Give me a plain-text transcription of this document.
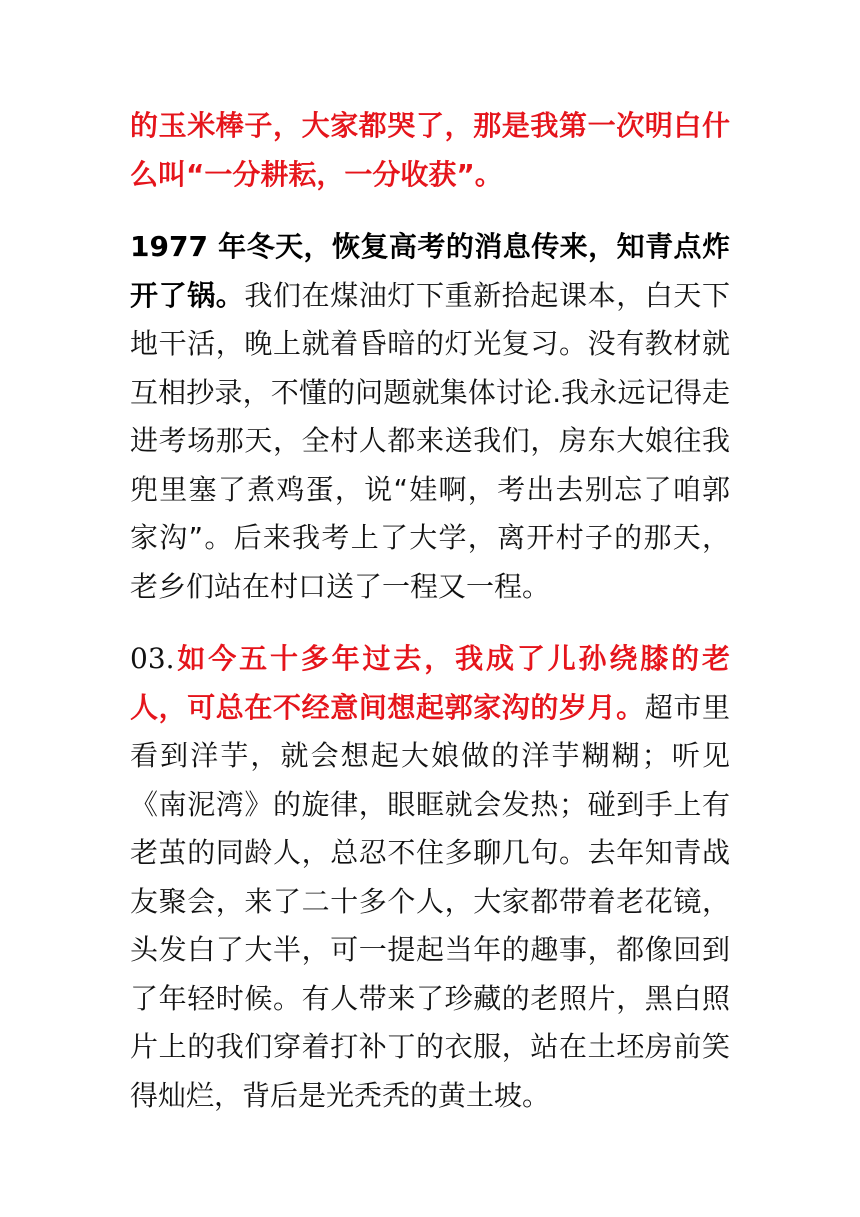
的玉米棒子，大家都哭了，那是我第一次明白什么叫“一分耕耘，一分收获”。

1977 年冬天，恢复高考的消息传来，知青点炸开了锅。我们在煤油灯下重新拾起课本，白天下地干活，晚上就着昏暗的灯光复习。没有教材就互相抄录，不懂的问题就集体讨论.我永远记得走进考场那天，全村人都来送我们，房东大娘往我兜里塞了煮鸡蛋，说“娃啊，考出去别忘了咱郭家沟”。后来我考上了大学，离开村子的那天，老乡们站在村口送了一程又一程。

03.如今五十多年过去，我成了儿孙绕膝的老人，可总在不经意间想起郭家沟的岁月。超市里看到洋芋，就会想起大娘做的洋芋糊糊；听见《南泥湾》的旋律，眼眶就会发热；碰到手上有老茧的同龄人，总忍不住多聊几句。去年知青战友聚会，来了二十多个人，大家都带着老花镜，头发白了大半，可一提起当年的趣事，都像回到了年轻时候。有人带来了珍藏的老照片，黑白照片上的我们穿着打补丁的衣服，站在土坯房前笑得灿烂，背后是光秃秃的黄土坡。
